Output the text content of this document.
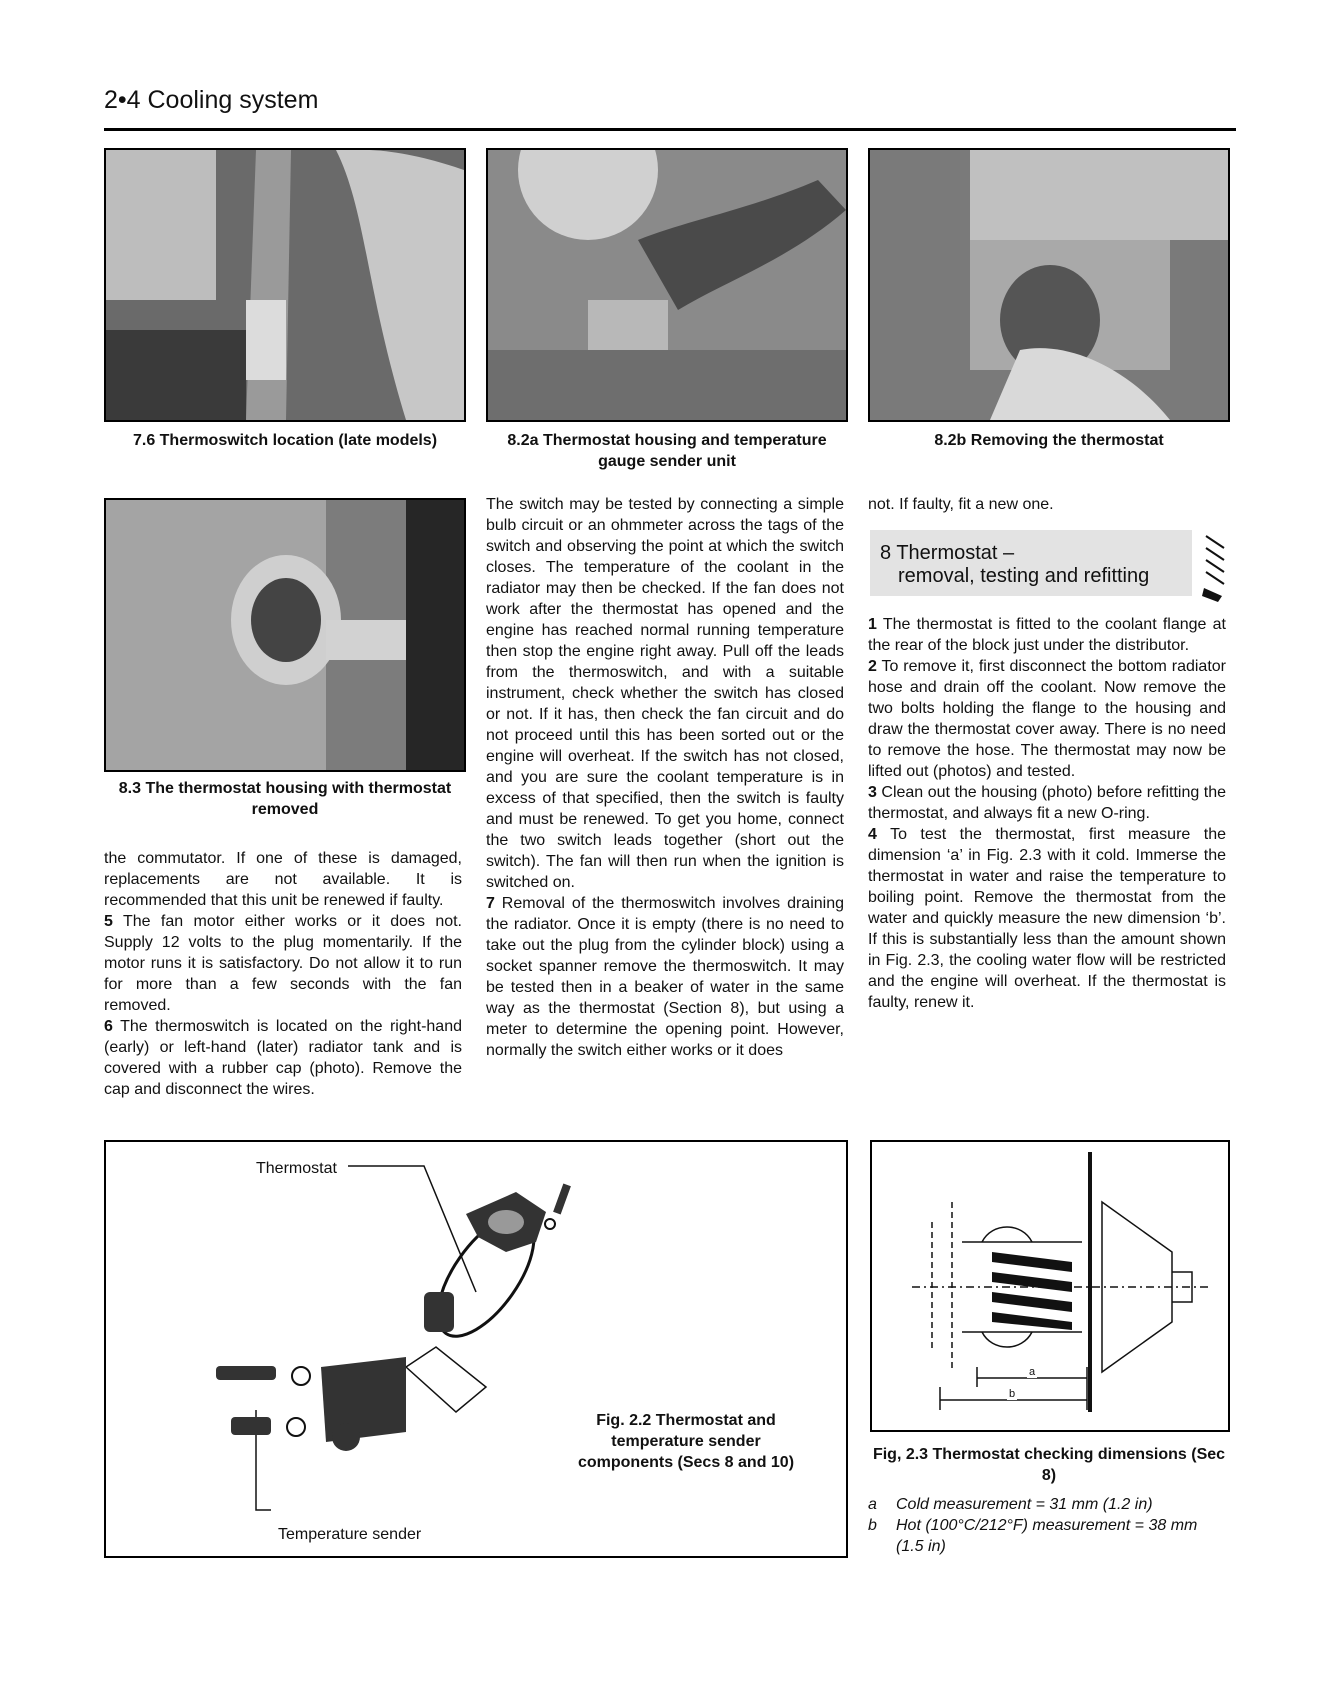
2•4 Cooling system
7.6 Thermoswitch location (late models)	8.2a Thermostat housing and temperature gauge sender unit
8.2b Removing the thermostat
8.3 The thermostat housing with thermostat removed

the commutator. If one of these is damaged, replacements are not available. It is recommended that this unit be renewed if faulty.

5 The fan motor either works or it does not. Supply 12 volts to the plug momentarily. If the motor runs it is satisfactory. Do not allow it to run for more than a few seconds with the fan removed.

6 The thermoswitch is located on the right-hand (early) or left-hand (later) radiator tank and is covered with a rubber cap (photo). Remove the cap and disconnect the wires.

The switch may be tested by connecting a simple bulb circuit or an ohmmeter across the tags of the switch and observing the point at which the switch closes. The temperature of the coolant in the radiator may then be checked. If the fan does not work after the thermostat has opened and the engine has reached normal running temperature then stop the engine right away. Pull off the leads from the thermoswitch, and with a suitable instrument, check whether the switch has closed or not. If it has, then check the fan circuit and do not proceed until this has been sorted out or the engine will overheat. If the switch has not closed, and you are sure the coolant temperature is in excess of that specified, then the switch is faulty and must be renewed. To get you home, connect the two switch leads together (short out the switch). The fan will then run when the ignition is switched on.

7 Removal of the thermoswitch involves draining the radiator. Once it is empty (there is no need to take out the plug from the cylinder block) using a socket spanner remove the thermoswitch. It may be tested then in a beaker of water in the same way as the thermostat (Section 8), but using a meter to determine the opening point. However, normally the switch either works or it does

not. If faulty, fit a new one.
8 Thermostat –
removal, testing and refitting

1 The thermostat is fitted to the coolant flange at the rear of the block just under the distributor.

2 To remove it, first disconnect the bottom radiator hose and drain off the coolant. Now remove the two bolts holding the flange to the housing and draw the thermostat cover away. There is no need to remove the hose. The thermostat may now be lifted out (photos) and tested.

3 Clean out the housing (photo) before refitting the thermostat, and always fit a new O-ring.

4 To test the thermostat, first measure the dimension ‘a’ in Fig. 2.3 with it cold. Immerse the thermostat in water and raise the temperature to boiling point. Remove the thermostat from the water and quickly measure the new dimension ‘b’. If this is substantially less than the amount shown in Fig. 2.3, the cooling water flow will be restricted and the engine will overheat. If the thermostat is faulty, renew it.

Thermostat
Temperature sender
Fig. 2.2 Thermostat and temperature sender components (Secs 8 and 10)
a
b
Fig, 2.3 Thermostat checking dimensions (Sec 8)
a	Cold measurement = 31 mm (1.2 in)
b	Hot (100°C/212°F) measurement = 38 mm (1.5 in)
